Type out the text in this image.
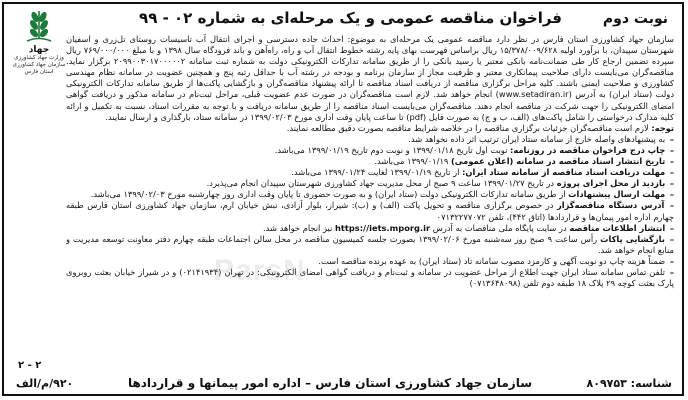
فراخوان مناقصه عمومی و یک مرحله‌ای به شماره ۰۲ - ۹۹	نوبت دوم
جهاد
وزارت جهاد کشاورزی
سازمان جهاد کشاورزی استان فارس

سازمان جهاد کشاورزی استان فارس در نظر دارد مناقصه عمومی یک مرحله‌ای به موضوع: احداث جاده دسترسی و اجرای انتقال آب تاسیسات روستای تل‌زری و اسفیان شهرستان سپیدان، با برآورد اولیه ۱۵/۳۷۸/۰۰۹/۶۲۸ ریال براساس فهرست بهای پایه رشته خطوط انتقال آب و راه، راه‌آهن و باند فرودگاه سال ۱۳۹۸ و با مبلغ ۷۶۹/۰۰۰/۰۰۰ ریال سپرده تضمین ارجاع کار طی ضمانت‌نامه بانکی معتبر یا رسید بانکی را از طریق سامانه تدارکات الکترونیکی دولت به شماره ثبت سامانه ۲۰۹۹۰۰۳۰۱۷۰۰۰۰۰۲ برگزار نماید. مناقصه‌گران می‌بایست دارای صلاحیت پیمانکاری معتبر و ظرفیت مجاز از سازمان برنامه و بودجه در رشته آب با حداقل رتبه پنج و همچنین عضویت در سامانه نظام مهندسی کشاورزی و صلاحیت ایمنی باشند. کلیه مراحل برگزاری مناقصه از دریافت اسناد مناقصه تا ارائه پیشنهاد مناقصه‌گران و بازگشایی پاکت‌ها از طریق سامانه تدارکات الکترونیکی دولت (ستاد ایران) به آدرس (www.setadiran.ir) انجام خواهد شد. لازم است مناقصه‌گران در صورت عدم عضویت قبلی، مراحل ثبت‌نام در سامانه مذکور و دریافت گواهی امضای الکترونیکی را جهت شرکت در مناقصه انجام دهند. مناقصه‌گران می‌بایست اسناد مناقصه را از طریق سامانه دریافت و با توجه به مقررات اسناد، نسبت به تکمیل و ارائه کلیه مدارک درخواستی را شامل پاکت‌های (الف، ب و ج) به صورت فایل (pdf) تا ساعت پایان وقت اداری مورخ ۱۳۹۹/۰۲/۰۳ در سامانه ستاد، بارگذاری و ارسال نمایند.

توجه: لازم است مناقصه‌گران جزئیات برگزاری مناقصه را در خلاصه شرایط مناقصه بصورت دقیق مطالعه نمایند.

– به پیشنهادهای واصله خارج از سامانه ستاد ایران ترتیب اثر داده نخواهد شد.

– چاپ درج فراخوان مناقصه در روزنامه: نوبت اول تاریخ ۱۳۹۹/۰۱/۱۸ و نوبت دوم تاریخ ۱۳۹۹/۰۱/۱۹ می‌باشد.

– تاریخ انتشار اسناد مناقصه در سامانه (اعلان عمومی) ۱۳۹۹/۰۱/۱۹ می‌باشد.

– مهلت دریافت اسناد مناقصه از سامانه ستاد ایران: از تاریخ ۱۳۹۹/۰۱/۱۹ لغایت ۱۳۹۹/۰۱/۲۴ می‌باشد.

– بازدید از محل اجرای پروژه در تاریخ ۱۳۹۹/۰۱/۲۷ ساعت ۹ صبح از محل مدیریت جهاد کشاورزی شهرستان سپیدان انجام می‌پذیرد.

– مهلت ارسال پیشنهادات از طریق سامانه تدارکات الکترونیکی دولت (ستاد ایران) و به صورت حضوری تا پایان وقت اداری روز چهارشنبه مورخ ۱۳۹۹/۰۲/۰۳ می‌باشد.

– آدرس دستگاه مناقصه‌گزار در خصوص برگزاری مناقصه و تحویل پاکت (الف) و (ب): شیراز، بلوار آزادی، نبش خیابان ارم، سازمان جهاد کشاورزی استان فارس طبقه چهارم اداره امور پیمان‌ها و قراردادها (اتاق ۴۴۲)، تلفن ۰۷۱۳۲۲۷۷۰۷۲

– انتشار اطلاعات مناقصه در سایت پایگاه ملی مناقصات به آدرس https://iets.mporg.ir نیز انجام خواهد شد.

– بازگشایی پاکات رأس ساعت ۹ صبح روز سه‌شنبه مورخ ۱۳۹۹/۰۲/۰۶ بصورت جلسه کمیسیون مناقصه در محل سالن اجتماعات طبقه چهارم دفتر معاونت توسعه مدیریت و منابع انجام خواهد شد.

– ضمناً هزینه چاپ دو نوبت آگهی و کارمزد مصوب سامانه تاد (ستاد ایران) به عهده برنده مناقصه است.

– تلفن تماس سامانه ستاد ایران جهت اطلاع از مراحل عضویت در سامانه و ثبت‌نام و دریافت گواهی امضای الکترونیکی: در تهران (۰۲۱۴۱۹۳۴) و در شیراز خیابان بعثت روبروی پارک بعثت کوچه ۲۹ پلاک ۱۸ طبقه دوم تلفن (۰۷۱۳۶۴۸۰۹۸)

ParsN
۲ - ۲
شناسه: ۸۰۹۷۵۳
سازمان جهاد کشاورزی استان فارس – اداره امور پیمانها و قراردادها
۹۲۰/م/الف
